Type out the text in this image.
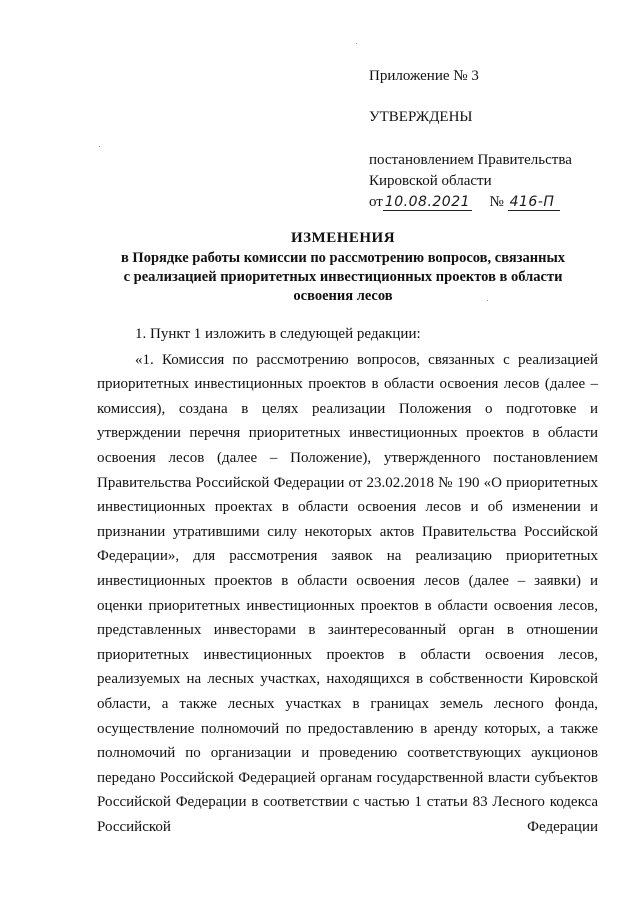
Приложение № 3
УТВЕРЖДЕНЫ
постановлением Правительства
Кировской области
от 10.08.2021 № 416-П
ИЗМЕНЕНИЯ
в Порядке работы комиссии по рассмотрению вопросов, связанных
с реализацией приоритетных инвестиционных проектов в области
освоения лесов

1. Пункт 1 изложить в следующей редакции:

«1. Комиссия по рассмотрению вопросов, связанных с реализацией приоритетных инвестиционных проектов в области освоения лесов (далее – комиссия), создана в целях реализации Положения о подготовке и утверждении перечня приоритетных инвестиционных проектов в области освоения лесов (далее – Положение), утвержденного постановлением Правительства Российской Федерации от 23.02.2018 № 190 «О приоритетных инвестиционных проектах в области освоения лесов и об изменении и признании утратившими силу некоторых актов Правительства Российской Федерации», для рассмотрения заявок на реализацию приоритетных инвестиционных проектов в области освоения лесов (далее – заявки) и оценки приоритетных инвестиционных проектов в области освоения лесов, представленных инвесторами в заинтересованный орган в отношении приоритетных инвестиционных проектов в области освоения лесов, реализуемых на лесных участках, находящихся в собственности Кировской области, а также лесных участках в границах земель лесного фонда, осуществление полномочий по предоставлению в аренду которых, а также полномочий по организации и проведению соответствующих аукционов передано Российской Федерацией органам государственной власти субъектов Российской Федерации в соответствии с частью 1 статьи 83 Лесного кодекса Российской Федерации
